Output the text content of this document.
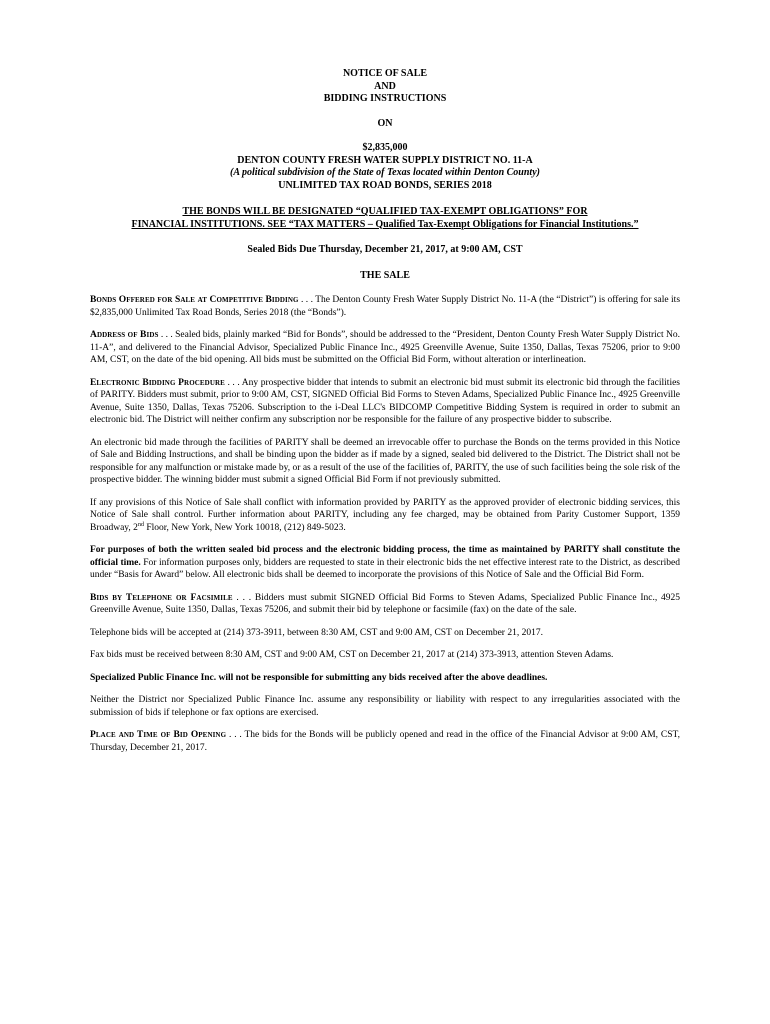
NOTICE OF SALE
AND
BIDDING INSTRUCTIONS
ON
$2,835,000
DENTON COUNTY FRESH WATER SUPPLY DISTRICT NO. 11-A
(A political subdivision of the State of Texas located within Denton County)
UNLIMITED TAX ROAD BONDS, SERIES 2018
THE BONDS WILL BE DESIGNATED “QUALIFIED TAX-EXEMPT OBLIGATIONS” FOR
FINANCIAL INSTITUTIONS. SEE “TAX MATTERS – Qualified Tax-Exempt Obligations for Financial Institutions.”
Sealed Bids Due Thursday, December 21, 2017, at 9:00 AM, CST
THE SALE

Bonds Offered for Sale at Competitive Bidding . . . The Denton County Fresh Water Supply District No. 11-A (the “District”) is offering for sale its $2,835,000 Unlimited Tax Road Bonds, Series 2018 (the “Bonds”).

Address of Bids . . . Sealed bids, plainly marked “Bid for Bonds”, should be addressed to the “President, Denton County Fresh Water Supply District No. 11-A”, and delivered to the Financial Advisor, Specialized Public Finance Inc., 4925 Greenville Avenue, Suite 1350, Dallas, Texas 75206, prior to 9:00 AM, CST, on the date of the bid opening. All bids must be submitted on the Official Bid Form, without alteration or interlineation.

Electronic Bidding Procedure . . . Any prospective bidder that intends to submit an electronic bid must submit its electronic bid through the facilities of PARITY. Bidders must submit, prior to 9:00 AM, CST, SIGNED Official Bid Forms to Steven Adams, Specialized Public Finance Inc., 4925 Greenville Avenue, Suite 1350, Dallas, Texas 75206. Subscription to the i-Deal LLC's BIDCOMP Competitive Bidding System is required in order to submit an electronic bid. The District will neither confirm any subscription nor be responsible for the failure of any prospective bidder to subscribe.

An electronic bid made through the facilities of PARITY shall be deemed an irrevocable offer to purchase the Bonds on the terms provided in this Notice of Sale and Bidding Instructions, and shall be binding upon the bidder as if made by a signed, sealed bid delivered to the District. The District shall not be responsible for any malfunction or mistake made by, or as a result of the use of the facilities of, PARITY, the use of such facilities being the sole risk of the prospective bidder. The winning bidder must submit a signed Official Bid Form if not previously submitted.

If any provisions of this Notice of Sale shall conflict with information provided by PARITY as the approved provider of electronic bidding services, this Notice of Sale shall control. Further information about PARITY, including any fee charged, may be obtained from Parity Customer Support, 1359 Broadway, 2nd Floor, New York, New York 10018, (212) 849-5023.

For purposes of both the written sealed bid process and the electronic bidding process, the time as maintained by PARITY shall constitute the official time. For information purposes only, bidders are requested to state in their electronic bids the net effective interest rate to the District, as described under “Basis for Award” below. All electronic bids shall be deemed to incorporate the provisions of this Notice of Sale and the Official Bid Form.

Bids by Telephone or Facsimile . . . Bidders must submit SIGNED Official Bid Forms to Steven Adams, Specialized Public Finance Inc., 4925 Greenville Avenue, Suite 1350, Dallas, Texas 75206, and submit their bid by telephone or facsimile (fax) on the date of the sale.

Telephone bids will be accepted at (214) 373-3911, between 8:30 AM, CST and 9:00 AM, CST on December 21, 2017.

Fax bids must be received between 8:30 AM, CST and 9:00 AM, CST on December 21, 2017 at (214) 373-3913, attention Steven Adams.

Specialized Public Finance Inc. will not be responsible for submitting any bids received after the above deadlines.

Neither the District nor Specialized Public Finance Inc. assume any responsibility or liability with respect to any irregularities associated with the submission of bids if telephone or fax options are exercised.

Place and Time of Bid Opening . . . The bids for the Bonds will be publicly opened and read in the office of the Financial Advisor at 9:00 AM, CST, Thursday, December 21, 2017.
